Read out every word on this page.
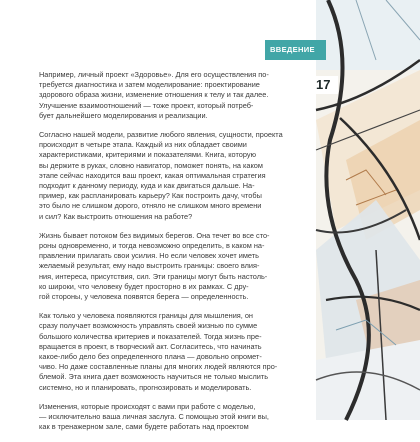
ВВЕДЕНИЕ
17

Например, личный проект «Здоровье». Для его осуществления по-
требуется диагностика и затем моделирование: проектирование
здорового образа жизни, изменение отношения к телу и так далее.
Улучшение взаимоотношений — тоже проект, который потреб-
бует дальнейшего моделирования и реализации.

Согласно нашей модели, развитие любого явления, сущности, проекта
происходит в четыре этапа. Каждый из них обладает своими
характеристиками, критериями и показателями. Книга, которую
вы держите в руках, словно навигатор, поможет понять, на каком
этапе сейчас находится ваш проект, какая оптимальная стратегия
подходит к данному периоду, куда и как двигаться дальше. На-
пример, как распланировать карьеру? Как построить дачу, чтобы
это было не слишком дорого, отняло не слишком много времени
и сил? Как выстроить отношения на работе?

Жизнь бывает потоком без видимых берегов. Она течет во все сто-
роны одновременно, и тогда невозможно определить, в каком на-
правлении прилагать свои усилия. Но если человек хочет иметь
желаемый результат, ему надо выстроить границы: своего влия-
ния, интереса, присутствия, сил. Эти границы могут быть настоль-
ко широки, что человеку будет просторно в их рамках. С дру-
гой стороны, у человека появятся берега — определенность.

Как только у человека появляются границы для мышления, он
сразу получает возможность управлять своей жизнью по сумме
большого количества критериев и показателей. Тогда жизнь пре-
вращается в проект, в творческий акт. Согласитесь, что начинать
какое-либо дело без определенного плана — довольно опромет-
чиво. Но даже составленные планы для многих людей являются про-
блемой. Эта книга дает возможность научиться не только мыслить
системно, но и планировать, прогнозировать и моделировать.

Изменения, которые происходят с вами при работе с моделью,
— исключительно ваша личная заслуга. С помощью этой книги вы,
как в тренажерном зале, сами будете работать над проектом
